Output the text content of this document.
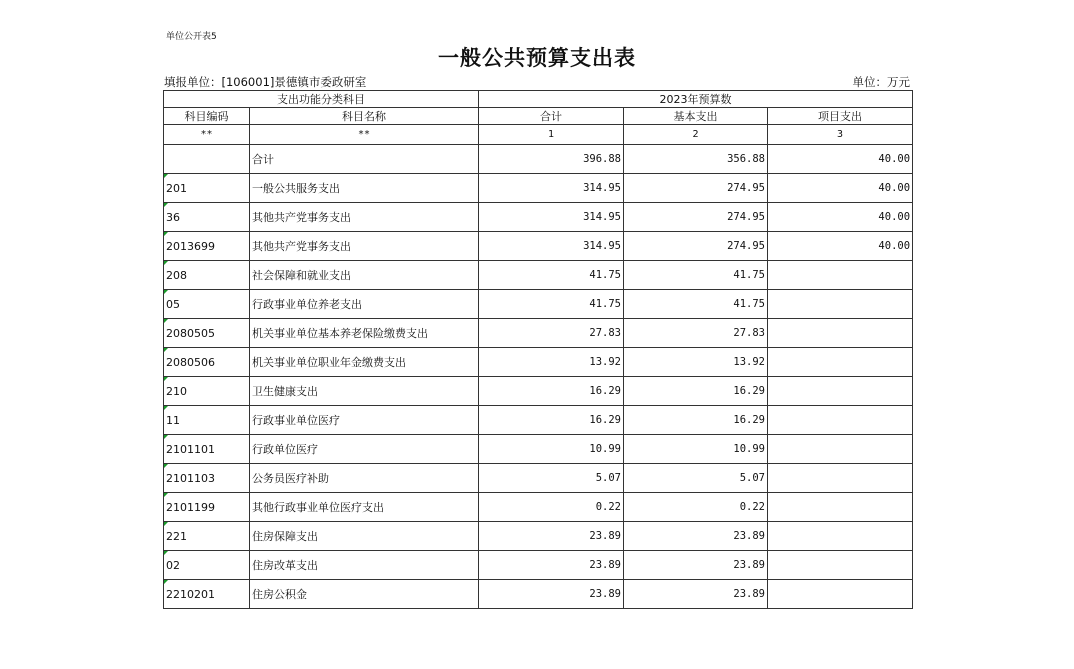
单位公开表5
一般公共预算支出表
填报单位：[106001]景德镇市委政研室	单位：万元
支出功能分类科目		2023年预算数		
科目编码	科目名称	合计	基本支出	项目支出
**	**	1	2	3
	合计	396.88	356.88	40.00

201	一般公共服务支出	314.95	274.95	40.00

36	其他共产党事务支出	314.95	274.95	40.00

2013699	其他共产党事务支出	314.95	274.95	40.00

208	社会保障和就业支出	41.75	41.75	

05	行政事业单位养老支出	41.75	41.75	

2080505	机关事业单位基本养老保险缴费支出	27.83	27.83	

2080506	机关事业单位职业年金缴费支出	13.92	13.92	

210	卫生健康支出	16.29	16.29	

11	行政事业单位医疗	16.29	16.29	

2101101	行政单位医疗	10.99	10.99	

2101103	公务员医疗补助	5.07	5.07	

2101199	其他行政事业单位医疗支出	0.22	0.22	

221	住房保障支出	23.89	23.89	

02	住房改革支出	23.89	23.89	

2210201	住房公积金	23.89	23.89	
